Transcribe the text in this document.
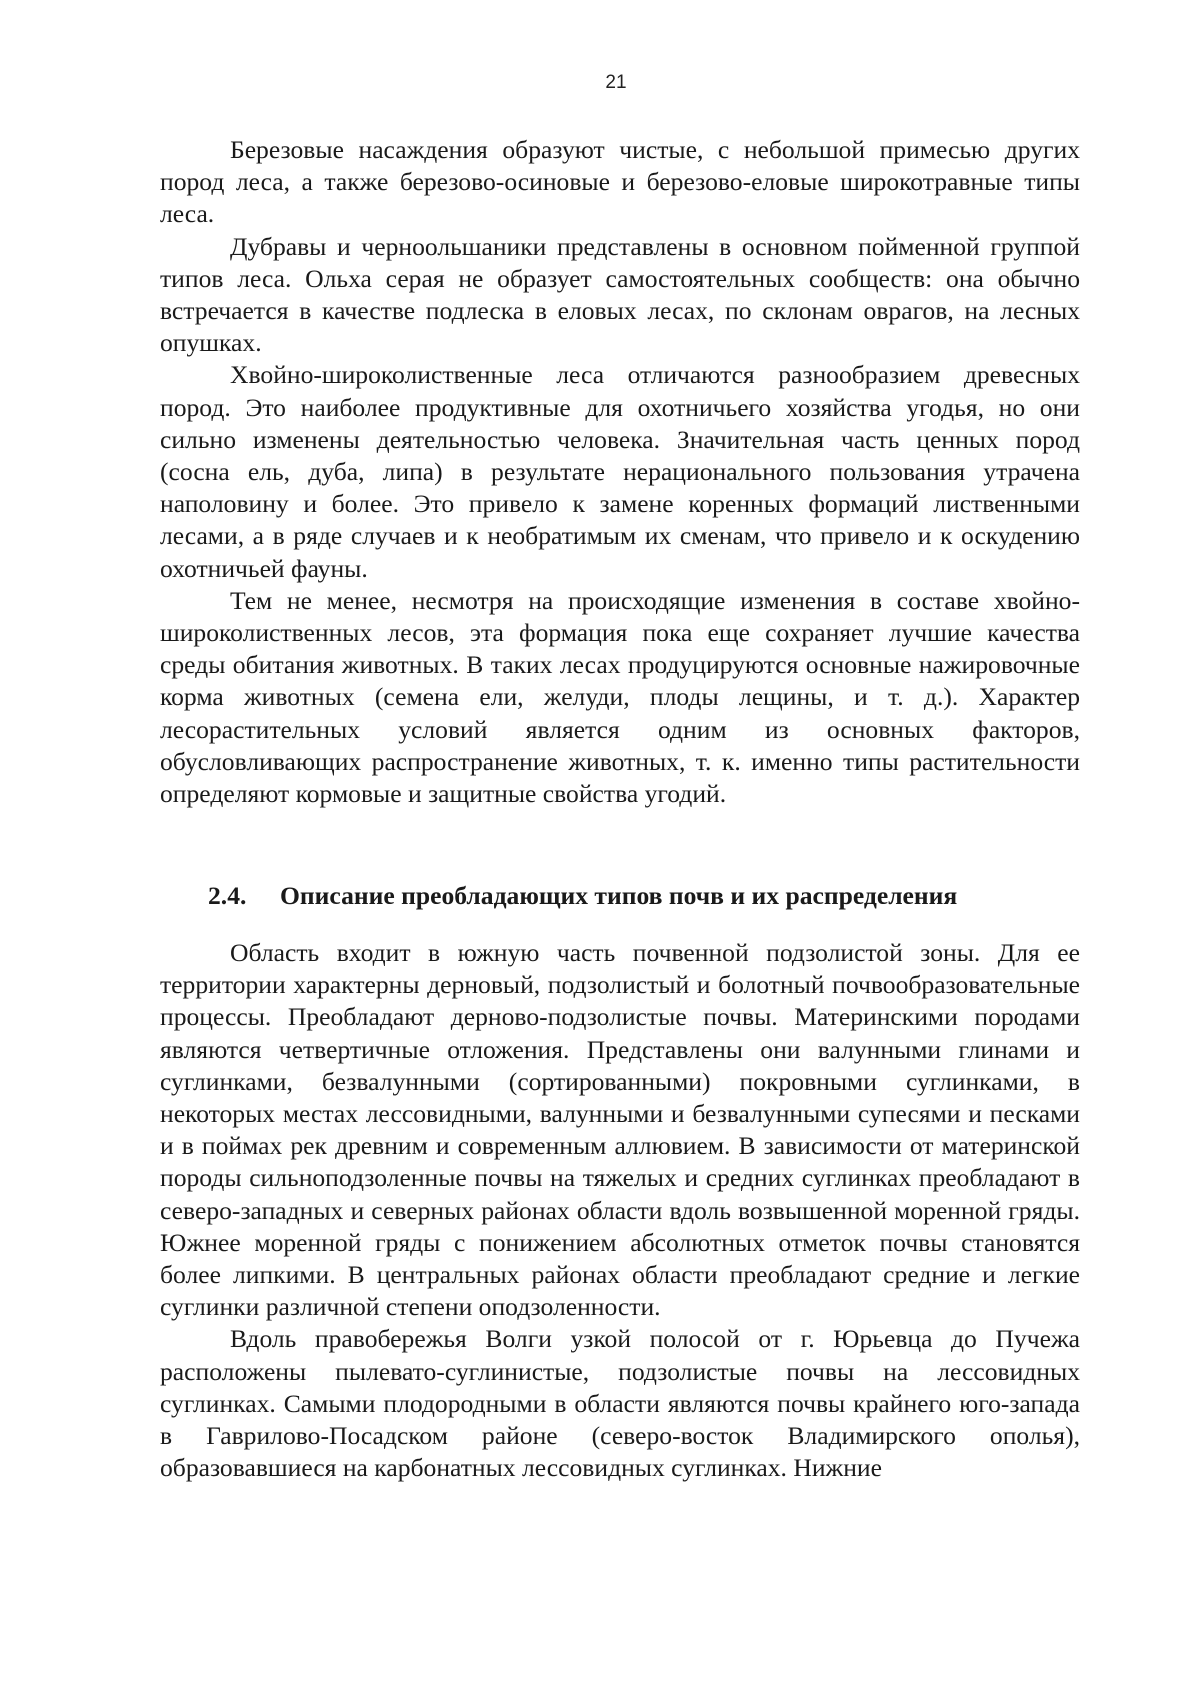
21

Березовые насаждения образуют чистые, с небольшой примесью других пород леса, а также березово-осиновые и березово-еловые широкотравные типы леса.

Дубравы и черноольшаники представлены в основном пойменной группой типов леса. Ольха серая не образует самостоятельных сообществ: она обычно встречается в качестве подлеска в еловых лесах, по склонам оврагов, на лесных опушках.

Хвойно-широколиственные леса отличаются разнообразием древесных пород. Это наиболее продуктивные для охотничьего хозяйства угодья, но они сильно изменены деятельностью человека. Значительная часть ценных пород (сосна ель, дуба, липа) в результате нерационального пользования утрачена наполовину и более. Это привело к замене коренных формаций лиственными лесами, а в ряде случаев и к необратимым их сменам, что привело и к оскудению охотничьей фауны.

Тем не менее, несмотря на происходящие изменения в составе хвойно-широколиственных лесов, эта формация пока еще сохраняет лучшие качества среды обитания животных. В таких лесах продуцируются основные нажировочные корма животных (семена ели, желуди, плоды лещины, и т. д.). Характер лесорастительных условий является одним из основных факторов, обусловливающих распространение животных, т. к. именно типы растительности определяют кормовые и защитные свойства угодий.

2.4. Описание преобладающих типов почв и их распределения

Область входит в южную часть почвенной подзолистой зоны. Для ее территории характерны дерновый, подзолистый и болотный почвообразовательные процессы. Преобладают дерново-подзолистые почвы. Материнскими породами являются четвертичные отложения. Представлены они валунными глинами и суглинками, безвалунными (сортированными) покровными суглинками, в некоторых местах лессовидными, валунными и безвалунными супесями и песками и в поймах рек древним и современным аллювием. В зависимости от материнской породы сильноподзоленные почвы на тяжелых и средних суглинках преобладают в северо-западных и северных районах области вдоль возвышенной моренной гряды. Южнее моренной гряды с понижением абсолютных отметок почвы становятся более липкими. В центральных районах области преобладают средние и легкие суглинки различной степени оподзоленности.

Вдоль правобережья Волги узкой полосой от г. Юрьевца до Пучежа расположены пылевато-суглинистые, подзолистые почвы на лессовидных суглинках. Самыми плодородными в области являются почвы крайнего юго-запада в Гаврилово-Посадском районе (северо-восток Владимирского ополья), образовавшиеся на карбонатных лессовидных суглинках. Нижние
